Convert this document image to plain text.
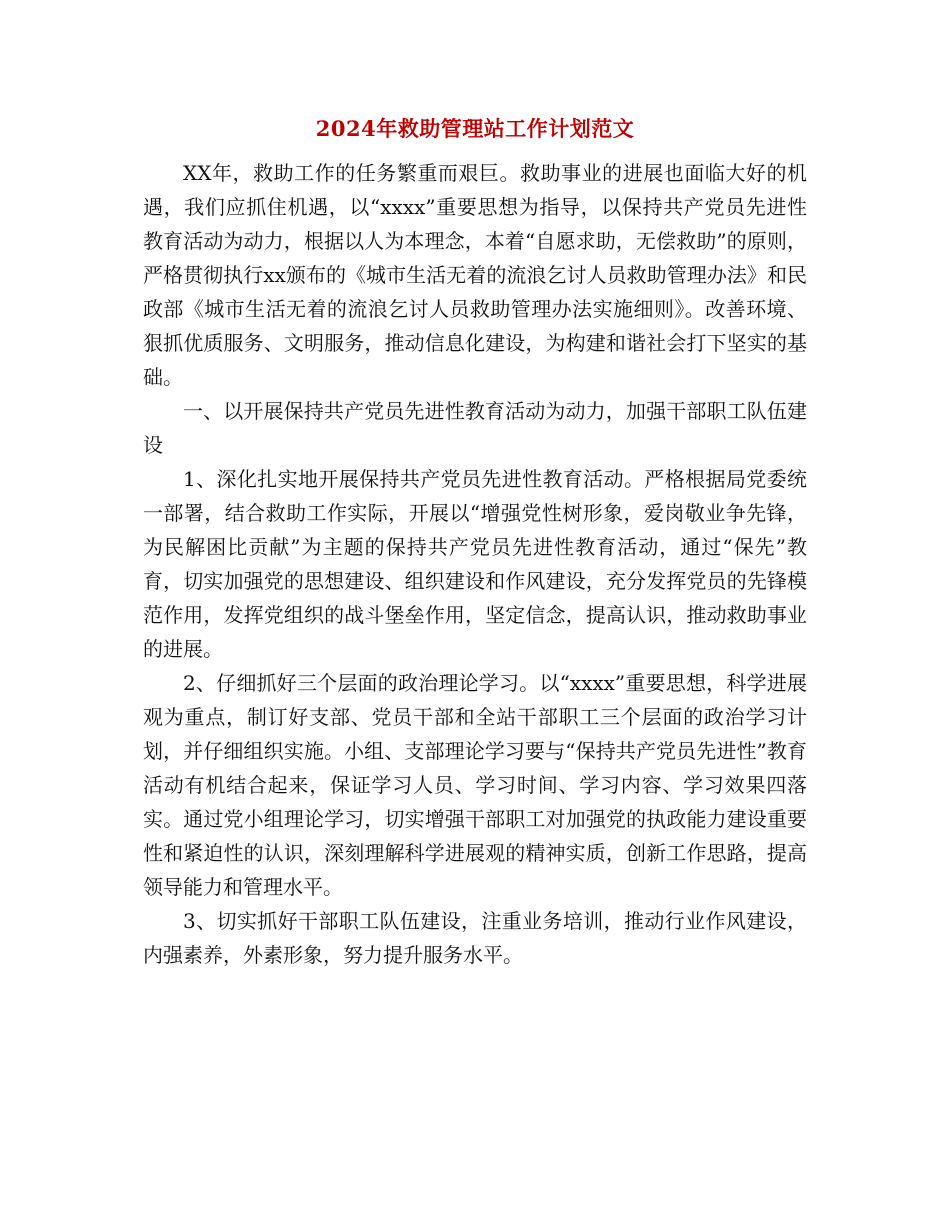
2024年救助管理站工作计划范文

XX年，救助工作的任务繁重而艰巨。救助事业的进展也面临大好的机遇，我们应抓住机遇，以“xxxx”重要思想为指导，以保持共产党员先进性教育活动为动力，根据以人为本理念，本着“自愿求助，无偿救助”的原则，严格贯彻执行xx颁布的《城市生活无着的流浪乞讨人员救助管理办法》和民政部《城市生活无着的流浪乞讨人员救助管理办法实施细则》。改善环境、狠抓优质服务、文明服务，推动信息化建设，为构建和谐社会打下坚实的基础。

一、以开展保持共产党员先进性教育活动为动力，加强干部职工队伍建设

1、深化扎实地开展保持共产党员先进性教育活动。严格根据局党委统一部署，结合救助工作实际，开展以“增强党性树形象，爱岗敬业争先锋，为民解困比贡献”为主题的保持共产党员先进性教育活动，通过“保先”教育，切实加强党的思想建设、组织建设和作风建设，充分发挥党员的先锋模范作用，发挥党组织的战斗堡垒作用，坚定信念，提高认识，推动救助事业的进展。

2、仔细抓好三个层面的政治理论学习。以“xxxx”重要思想，科学进展观为重点，制订好支部、党员干部和全站干部职工三个层面的政治学习计划，并仔细组织实施。小组、支部理论学习要与“保持共产党员先进性”教育活动有机结合起来，保证学习人员、学习时间、学习内容、学习效果四落实。通过党小组理论学习，切实增强干部职工对加强党的执政能力建设重要性和紧迫性的认识，深刻理解科学进展观的精神实质，创新工作思路，提高领导能力和管理水平。

3、切实抓好干部职工队伍建设，注重业务培训，推动行业作风建设，内强素养，外素形象，努力提升服务水平。
